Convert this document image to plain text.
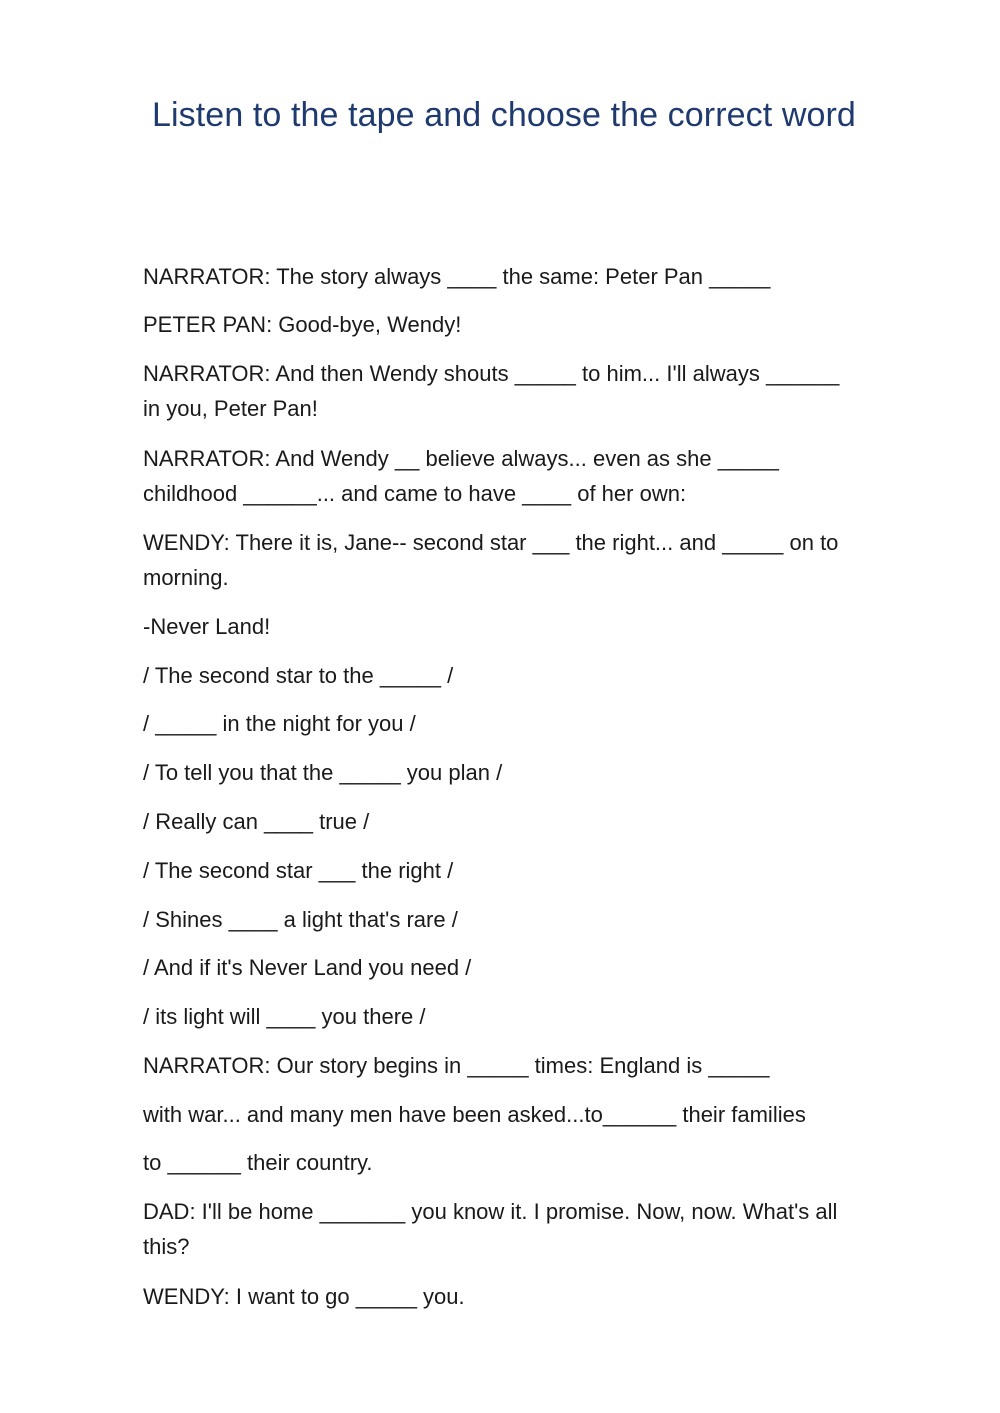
Listen to the tape and choose the correct word
NARRATOR: The story always ____ the same: Peter Pan _____
PETER PAN: Good-bye, Wendy!
NARRATOR: And then Wendy shouts _____ to him... I'll always ______
in you, Peter Pan!
NARRATOR: And Wendy __ believe always... even as she _____
childhood ______... and came to have ____ of her own:
WENDY: There it is, Jane-- second star ___ the right... and _____ on to
morning.
-Never Land!
/ The second star to the _____ /
/ _____ in the night for you /
/ To tell you that the _____ you plan /
/ Really can ____ true /
/ The second star ___ the right /
/ Shines ____ a light that's rare /
/ And if it's Never Land you need /
/ its light will ____ you there /
NARRATOR: Our story begins in _____ times: England is _____
with war... and many men have been asked...to______ their families
to ______ their country.
DAD: I'll be home _______ you know it. I promise. Now, now. What's all
this?
WENDY: I want to go _____ you.
